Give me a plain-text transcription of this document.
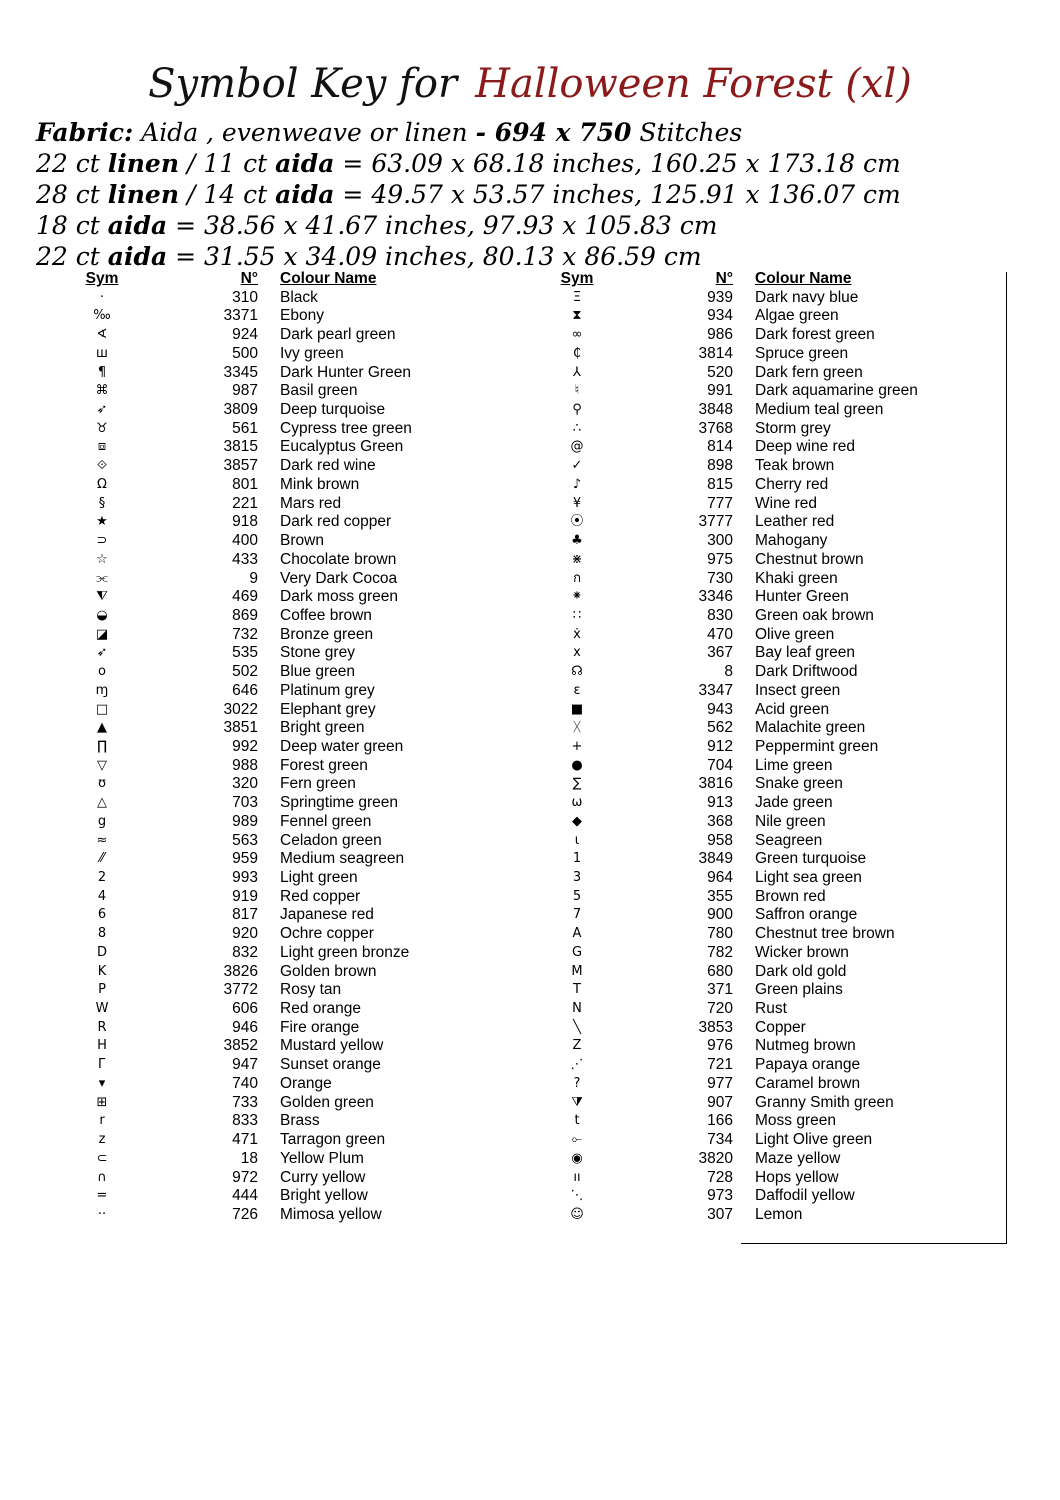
Symbol Key for Halloween Forest (xl)
Fabric: Aida , evenweave or linen - 694 x 750 Stitches
22 ct linen / 11 ct aida = 63.09 x 68.18 inches, 160.25 x 173.18 cm
28 ct linen / 14 ct aida = 49.57 x 53.57 inches, 125.91 x 136.07 cm
18 ct aida = 38.56 x 41.67 inches, 97.93 x 105.83 cm
22 ct aida = 31.55 x 34.09 inches, 80.13 x 86.59 cm
Sym	N° Colour Name
·	310 Black
‰	3371 Ebony
∢	924 Dark pearl green
ш	500 Ivy green
¶	3345 Dark Hunter Green
⌘	987 Basil green
➶	3809 Deep turquoise
♉	561 Cypress tree green
⧈	3815 Eucalyptus Green
⟐	3857 Dark red wine
Ω	801 Mink brown
§	221 Mars red
★	918 Dark red copper
⊃	400 Brown
☆	433 Chocolate brown
⫘	9 Very Dark Cocoa
⧨	469 Dark moss green
◒	869 Coffee brown
◪	732 Bronze green
➶	535 Stone grey
o	502 Blue green
ɱ	646 Platinum grey
□	3022 Elephant grey
▲	3851 Bright green
∏	992 Deep water green
▽	988 Forest green
ʊ	320 Fern green
△	703 Springtime green
g	989 Fennel green
≈	563 Celadon green
⁄⁄	959 Medium seagreen
2	993 Light green
4	919 Red copper
6	817 Japanese red
8	920 Ochre copper
D	832 Light green bronze
K	3826 Golden brown
P	3772 Rosy tan
W	606 Red orange
R	946 Fire orange
H	3852 Mustard yellow
Г	947 Sunset orange
▾	740 Orange
⊞	733 Golden green
r	833 Brass
z	471 Tarragon green
⊂	18 Yellow Plum
∩	972 Curry yellow
=	444 Bright yellow
··	726 Mimosa yellow
Sym	N° Colour Name
Ξ	939 Dark navy blue
⧗	934 Algae green
∞	986 Dark forest green
₵	3814 Spruce green
⅄	520 Dark fern green
♮	991 Dark aquamarine green
⚲	3848 Medium teal green
∴	3768 Storm grey
@	814 Deep wine red
✓	898 Teak brown
♪	815 Cherry red
¥	777 Wine red
⦿	3777 Leather red
♣	300 Mahogany
⋇	975 Chestnut brown
ก	730 Khaki green
⁕	3346 Hunter Green
∷	830 Green oak brown
ẋ	470 Olive green
x	367 Bay leaf green
☊	8 Dark Driftwood
ε	3347 Insect green
■	943 Acid green
ᚷ	562 Malachite green
+	912 Peppermint green
●	704 Lime green
∑	3816 Snake green
ω	913 Jade green
◆	368 Nile green
ɩ	958 Seagreen
1	3849 Green turquoise
3	964 Light sea green
5	355 Brown red
7	900 Saffron orange
A	780 Chestnut tree brown
G	782 Wicker brown
M	680 Dark old gold
T	371 Green plains
N	720 Rust
╲	3853 Copper
Z	976 Nutmeg brown
⋰	721 Papaya orange
?	977 Caramel brown
⧩	907 Granny Smith green
t	166 Moss green
⟜	734 Light Olive green
◉	3820 Maze yellow
ıı	728 Hops yellow
⋱	973 Daffodil yellow
☺	307 Lemon
